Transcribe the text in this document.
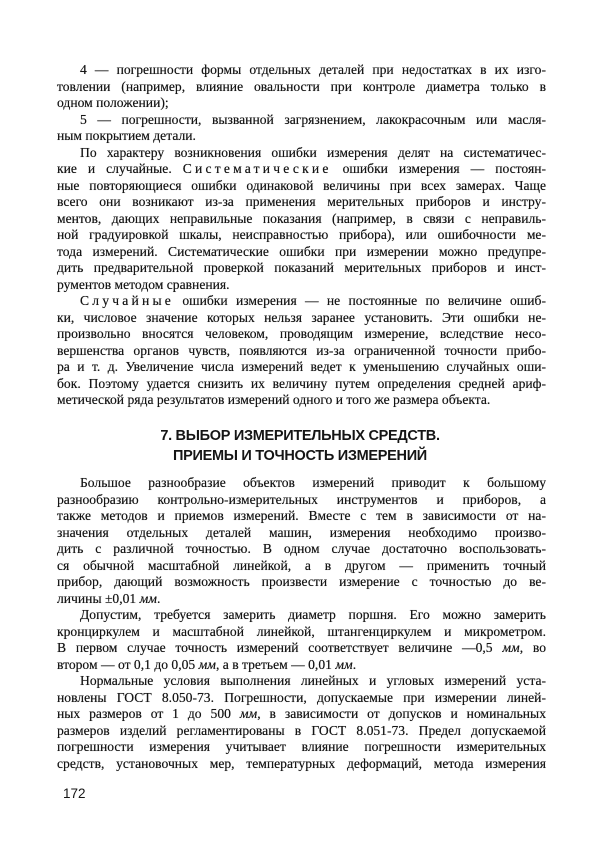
4 — погрешности формы отдельных деталей при недостатках в их изго-
товлении (например, влияние овальности при контроле диаметра только в
одном положении);
5 — погрешности, вызванной загрязнением, лакокрасочным или масля-
ным покрытием детали.
По характеру возникновения ошибки измерения делят на систематичес-
кие и случайные. Систематические ошибки измерения — постоян-
ные повторяющиеся ошибки одинаковой величины при всех замерах. Чаще
всего они возникают из-за применения мерительных приборов и инстру-
ментов, дающих неправильные показания (например, в связи с неправиль-
ной градуировкой шкалы, неисправностью прибора), или ошибочности ме-
тода измерений. Систематические ошибки при измерении можно предупре-
дить предварительной проверкой показаний мерительных приборов и инст-
рументов методом сравнения.
Случайные ошибки измерения — не постоянные по величине ошиб-
ки, числовое значение которых нельзя заранее установить. Эти ошибки не-
произвольно вносятся человеком, проводящим измерение, вследствие несо-
вершенства органов чувств, появляются из-за ограниченной точности прибо-
ра и т. д. Увеличение числа измерений ведет к уменьшению случайных оши-
бок. Поэтому удается снизить их величину путем определения средней ариф-
метической ряда результатов измерений одного и того же размера объекта.
7. ВЫБОР ИЗМЕРИТЕЛЬНЫХ СРЕДСТВ.
ПРИЕМЫ И ТОЧНОСТЬ ИЗМЕРЕНИЙ
Большое разнообразие объектов измерений приводит к большому
разнообразию контрольно-измерительных инструментов и приборов, а
также методов и приемов измерений. Вместе с тем в зависимости от на-
значения отдельных деталей машин, измерения необходимо произво-
дить с различной точностью. В одном случае достаточно воспользовать-
ся обычной масштабной линейкой, а в другом — применить точный
прибор, дающий возможность произвести измерение с точностью до ве-
личины ±0,01 мм.
Допустим, требуется замерить диаметр поршня. Его можно замерить
кронциркулем и масштабной линейкой, штангенциркулем и микрометром.
В первом случае точность измерений соответствует величине —0,5 мм, во
втором — от 0,1 до 0,05 мм, а в третьем — 0,01 мм.
Нормальные условия выполнения линейных и угловых измерений уста-
новлены ГОСТ 8.050-73. Погрешности, допускаемые при измерении линей-
ных размеров от 1 до 500 мм, в зависимости от допусков и номинальных
размеров изделий регламентированы в ГОСТ 8.051-73. Предел допускаемой
погрешности измерения учитывает влияние погрешности измерительных
средств, установочных мер, температурных деформаций, метода измерения
172
